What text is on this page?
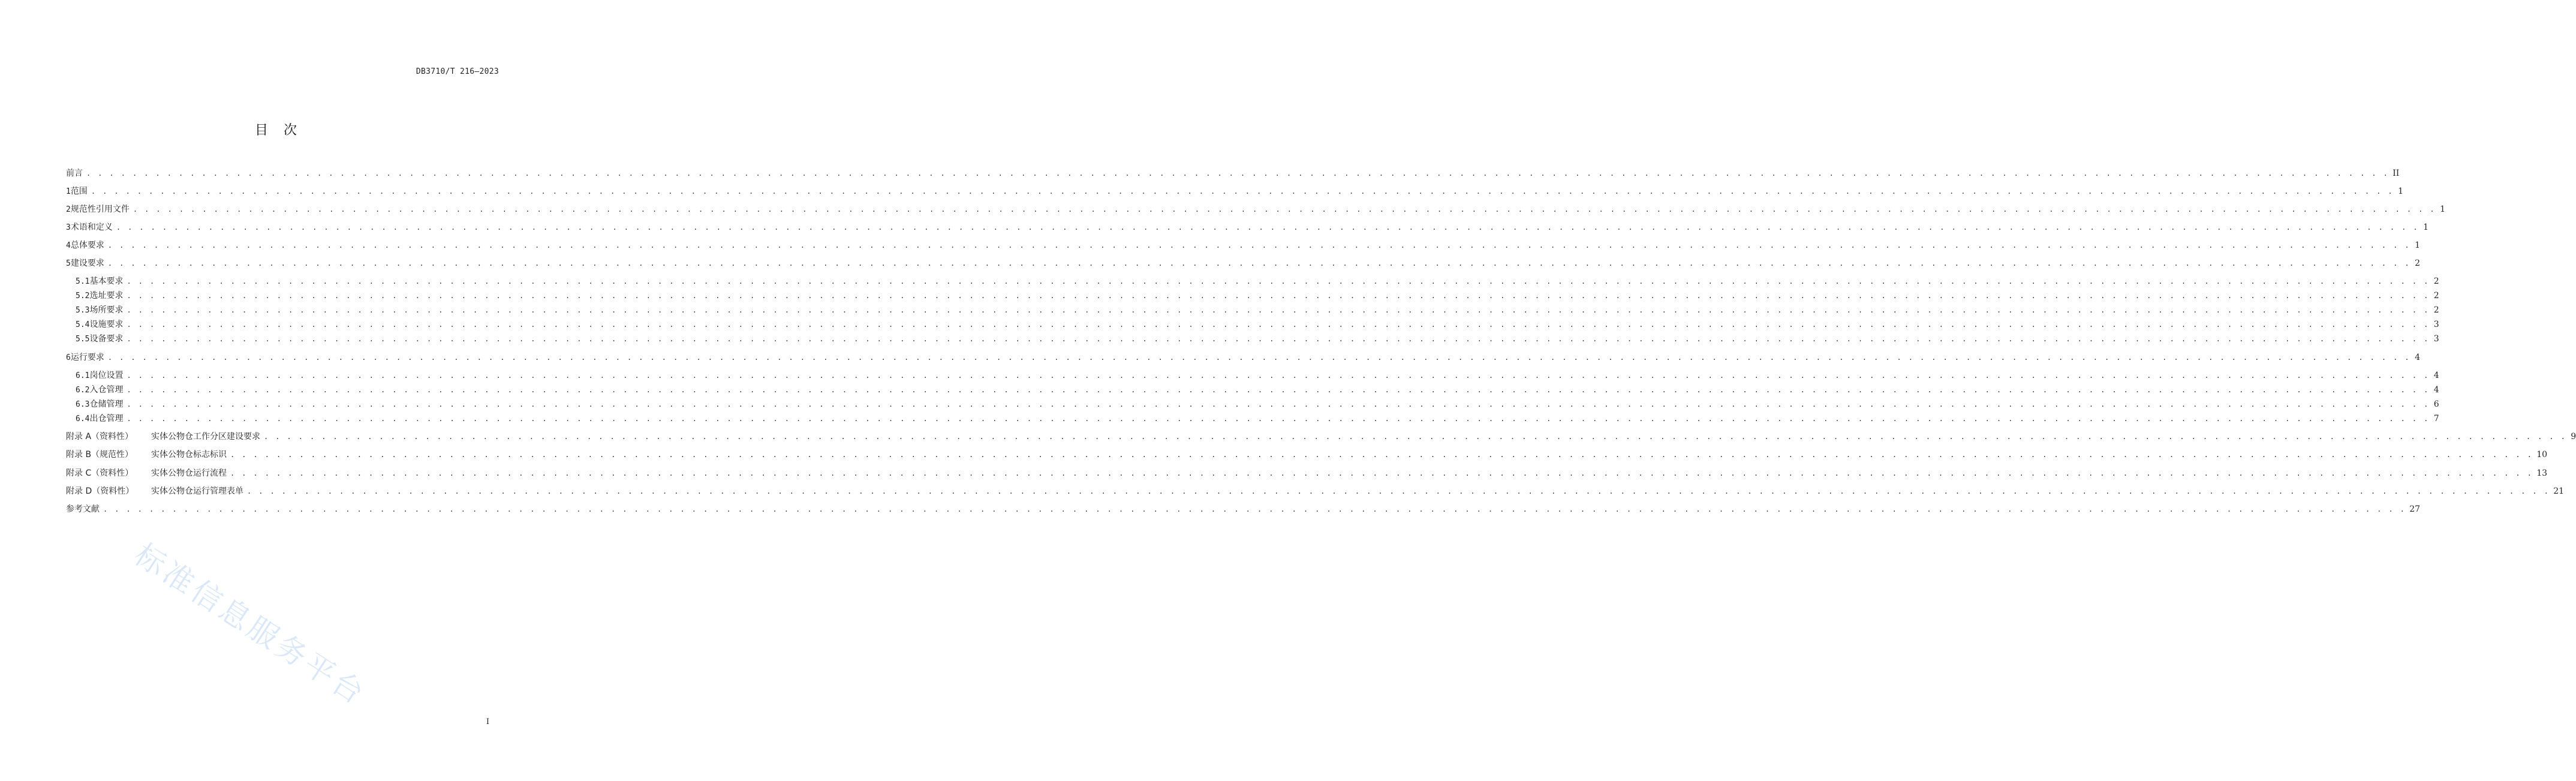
DB3710/T 216—2023
目 次
前言 . . . . . . . . . . . . . . . . . . . . . . . . . . . . . . . . . . . . . . . . . . . . . . . . . . . . . . . . . . . . . . . . . . . . . . . . . . . . . . . . . . . . . . . . . . . . . . . . . . . . . . . . . . . . . . . . . . . . . . . . . . . . . . . . . . . . . . . . . . . . . . . . . . . . . . . . . . . . . . . . . . . . . . . . . . . . . . . . . . . . . . . . . . . . . . . . . . . . . . . . II
1 范围 . . . . . . . . . . . . . . . . . . . . . . . . . . . . . . . . . . . . . . . . . . . . . . . . . . . . . . . . . . . . . . . . . . . . . . . . . . . . . . . . . . . . . . . . . . . . . . . . . . . . . . . . . . . . . . . . . . . . . . . . . . . . . . . . . . . . . . . . . . . . . . . . . . . . . . . . . . . . . . . . . . . . . . . . . . . . . . . . . . . . . . . . . . . . . . . . . . . . . . . . 1
2 规范性引用文件 . . . . . . . . . . . . . . . . . . . . . . . . . . . . . . . . . . . . . . . . . . . . . . . . . . . . . . . . . . . . . . . . . . . . . . . . . . . . . . . . . . . . . . . . . . . . . . . . . . . . . . . . . . . . . . . . . . . . . . . . . . . . . . . . . . . . . . . . . . . . . . . . . . . . . . . . . . . . . . . . . . . . . . . . . . . . . . . . . . . . . . . . . . . . . . . . . . . . . . . . 1
3 术语和定义 . . . . . . . . . . . . . . . . . . . . . . . . . . . . . . . . . . . . . . . . . . . . . . . . . . . . . . . . . . . . . . . . . . . . . . . . . . . . . . . . . . . . . . . . . . . . . . . . . . . . . . . . . . . . . . . . . . . . . . . . . . . . . . . . . . . . . . . . . . . . . . . . . . . . . . . . . . . . . . . . . . . . . . . . . . . . . . . . . . . . . . . . . . . . . . . . . . . . . . . . 1
4 总体要求 . . . . . . . . . . . . . . . . . . . . . . . . . . . . . . . . . . . . . . . . . . . . . . . . . . . . . . . . . . . . . . . . . . . . . . . . . . . . . . . . . . . . . . . . . . . . . . . . . . . . . . . . . . . . . . . . . . . . . . . . . . . . . . . . . . . . . . . . . . . . . . . . . . . . . . . . . . . . . . . . . . . . . . . . . . . . . . . . . . . . . . . . . . . . . . . . . . . . . . . . 1
5 建设要求 . . . . . . . . . . . . . . . . . . . . . . . . . . . . . . . . . . . . . . . . . . . . . . . . . . . . . . . . . . . . . . . . . . . . . . . . . . . . . . . . . . . . . . . . . . . . . . . . . . . . . . . . . . . . . . . . . . . . . . . . . . . . . . . . . . . . . . . . . . . . . . . . . . . . . . . . . . . . . . . . . . . . . . . . . . . . . . . . . . . . . . . . . . . . . . . . . . . . . . . . 2
5.1 基本要求 . . . . . . . . . . . . . . . . . . . . . . . . . . . . . . . . . . . . . . . . . . . . . . . . . . . . . . . . . . . . . . . . . . . . . . . . . . . . . . . . . . . . . . . . . . . . . . . . . . . . . . . . . . . . . . . . . . . . . . . . . . . . . . . . . . . . . . . . . . . . . . . . . . . . . . . . . . . . . . . . . . . . . . . . . . . . . . . . . . . . . . . . . . . . . . . . . . . . . . . . 2
5.2 选址要求 . . . . . . . . . . . . . . . . . . . . . . . . . . . . . . . . . . . . . . . . . . . . . . . . . . . . . . . . . . . . . . . . . . . . . . . . . . . . . . . . . . . . . . . . . . . . . . . . . . . . . . . . . . . . . . . . . . . . . . . . . . . . . . . . . . . . . . . . . . . . . . . . . . . . . . . . . . . . . . . . . . . . . . . . . . . . . . . . . . . . . . . . . . . . . . . . . . . . . . . . 2
5.3 场所要求 . . . . . . . . . . . . . . . . . . . . . . . . . . . . . . . . . . . . . . . . . . . . . . . . . . . . . . . . . . . . . . . . . . . . . . . . . . . . . . . . . . . . . . . . . . . . . . . . . . . . . . . . . . . . . . . . . . . . . . . . . . . . . . . . . . . . . . . . . . . . . . . . . . . . . . . . . . . . . . . . . . . . . . . . . . . . . . . . . . . . . . . . . . . . . . . . . . . . . . . . 2
5.4 设施要求 . . . . . . . . . . . . . . . . . . . . . . . . . . . . . . . . . . . . . . . . . . . . . . . . . . . . . . . . . . . . . . . . . . . . . . . . . . . . . . . . . . . . . . . . . . . . . . . . . . . . . . . . . . . . . . . . . . . . . . . . . . . . . . . . . . . . . . . . . . . . . . . . . . . . . . . . . . . . . . . . . . . . . . . . . . . . . . . . . . . . . . . . . . . . . . . . . . . . . . . . 3
5.5 设备要求 . . . . . . . . . . . . . . . . . . . . . . . . . . . . . . . . . . . . . . . . . . . . . . . . . . . . . . . . . . . . . . . . . . . . . . . . . . . . . . . . . . . . . . . . . . . . . . . . . . . . . . . . . . . . . . . . . . . . . . . . . . . . . . . . . . . . . . . . . . . . . . . . . . . . . . . . . . . . . . . . . . . . . . . . . . . . . . . . . . . . . . . . . . . . . . . . . . . . . . . . 3
6 运行要求 . . . . . . . . . . . . . . . . . . . . . . . . . . . . . . . . . . . . . . . . . . . . . . . . . . . . . . . . . . . . . . . . . . . . . . . . . . . . . . . . . . . . . . . . . . . . . . . . . . . . . . . . . . . . . . . . . . . . . . . . . . . . . . . . . . . . . . . . . . . . . . . . . . . . . . . . . . . . . . . . . . . . . . . . . . . . . . . . . . . . . . . . . . . . . . . . . . . . . . . . 4
6.1 岗位设置 . . . . . . . . . . . . . . . . . . . . . . . . . . . . . . . . . . . . . . . . . . . . . . . . . . . . . . . . . . . . . . . . . . . . . . . . . . . . . . . . . . . . . . . . . . . . . . . . . . . . . . . . . . . . . . . . . . . . . . . . . . . . . . . . . . . . . . . . . . . . . . . . . . . . . . . . . . . . . . . . . . . . . . . . . . . . . . . . . . . . . . . . . . . . . . . . . . . . . . . . 4
6.2 入仓管理 . . . . . . . . . . . . . . . . . . . . . . . . . . . . . . . . . . . . . . . . . . . . . . . . . . . . . . . . . . . . . . . . . . . . . . . . . . . . . . . . . . . . . . . . . . . . . . . . . . . . . . . . . . . . . . . . . . . . . . . . . . . . . . . . . . . . . . . . . . . . . . . . . . . . . . . . . . . . . . . . . . . . . . . . . . . . . . . . . . . . . . . . . . . . . . . . . . . . . . . . 4
6.3 仓储管理 . . . . . . . . . . . . . . . . . . . . . . . . . . . . . . . . . . . . . . . . . . . . . . . . . . . . . . . . . . . . . . . . . . . . . . . . . . . . . . . . . . . . . . . . . . . . . . . . . . . . . . . . . . . . . . . . . . . . . . . . . . . . . . . . . . . . . . . . . . . . . . . . . . . . . . . . . . . . . . . . . . . . . . . . . . . . . . . . . . . . . . . . . . . . . . . . . . . . . . . . 6
6.4 出仓管理 . . . . . . . . . . . . . . . . . . . . . . . . . . . . . . . . . . . . . . . . . . . . . . . . . . . . . . . . . . . . . . . . . . . . . . . . . . . . . . . . . . . . . . . . . . . . . . . . . . . . . . . . . . . . . . . . . . . . . . . . . . . . . . . . . . . . . . . . . . . . . . . . . . . . . . . . . . . . . . . . . . . . . . . . . . . . . . . . . . . . . . . . . . . . . . . . . . . . . . . . 7
附录 A（资料性） 实体公物仓工作分区建设要求 . . . . . . . . . . . . . . . . . . . . . . . . . . . . . . . . . . . . . . . . . . . . . . . . . . . . . . . . . . . . . . . . . . . . . . . . . . . . . . . . . . . . . . . . . . . . . . . . . . . . . . . . . . . . . . . . . . . . . . . . . . . . . . . . . . . . . . . . . . . . . . . . . . . . . . . . . . . . . . . . . . . . . . . . . . . . . . . . . . . . . . . . . . . . . . . . . . . . . . . . 9
附录 B（规范性） 实体公物仓标志标识 . . . . . . . . . . . . . . . . . . . . . . . . . . . . . . . . . . . . . . . . . . . . . . . . . . . . . . . . . . . . . . . . . . . . . . . . . . . . . . . . . . . . . . . . . . . . . . . . . . . . . . . . . . . . . . . . . . . . . . . . . . . . . . . . . . . . . . . . . . . . . . . . . . . . . . . . . . . . . . . . . . . . . . . . . . . . . . . . . . . . . . . . . . . . . . . . . . . . . . . . 10
附录 C（资料性） 实体公物仓运行流程 . . . . . . . . . . . . . . . . . . . . . . . . . . . . . . . . . . . . . . . . . . . . . . . . . . . . . . . . . . . . . . . . . . . . . . . . . . . . . . . . . . . . . . . . . . . . . . . . . . . . . . . . . . . . . . . . . . . . . . . . . . . . . . . . . . . . . . . . . . . . . . . . . . . . . . . . . . . . . . . . . . . . . . . . . . . . . . . . . . . . . . . . . . . . . . . . . . . . . . . . 13
附录 D（资料性） 实体公物仓运行管理表单 . . . . . . . . . . . . . . . . . . . . . . . . . . . . . . . . . . . . . . . . . . . . . . . . . . . . . . . . . . . . . . . . . . . . . . . . . . . . . . . . . . . . . . . . . . . . . . . . . . . . . . . . . . . . . . . . . . . . . . . . . . . . . . . . . . . . . . . . . . . . . . . . . . . . . . . . . . . . . . . . . . . . . . . . . . . . . . . . . . . . . . . . . . . . . . . . . . . . . . . . 21
参考文献 . . . . . . . . . . . . . . . . . . . . . . . . . . . . . . . . . . . . . . . . . . . . . . . . . . . . . . . . . . . . . . . . . . . . . . . . . . . . . . . . . . . . . . . . . . . . . . . . . . . . . . . . . . . . . . . . . . . . . . . . . . . . . . . . . . . . . . . . . . . . . . . . . . . . . . . . . . . . . . . . . . . . . . . . . . . . . . . . . . . . . . . . . . . . . . . . . . . . . . . . 27
标准信息服务平台
I
